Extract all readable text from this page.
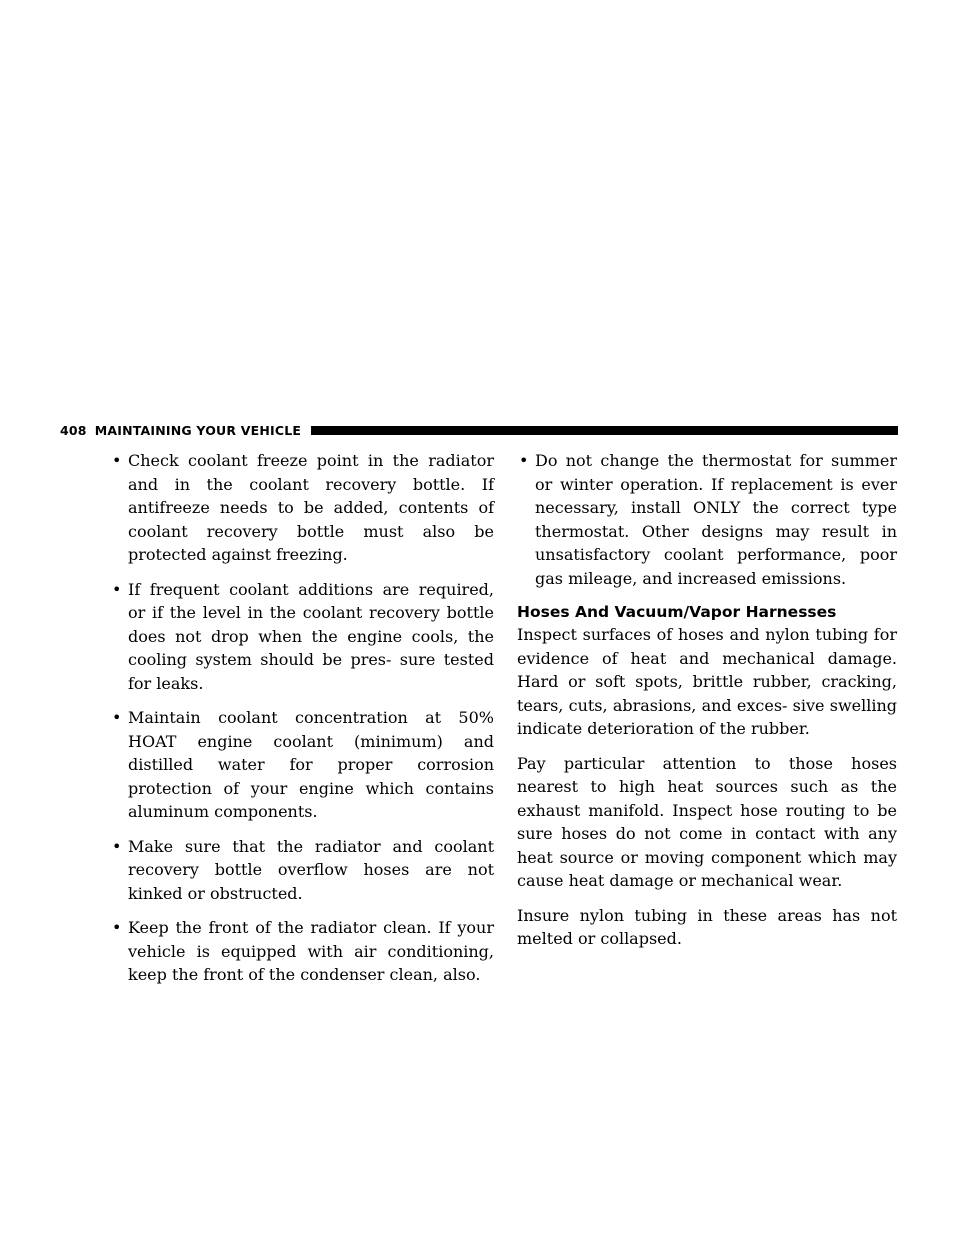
408 MAINTAINING YOUR VEHICLE
• Check coolant freeze point in the radiator and in the coolant recovery bottle. If antifreeze needs to be added, contents of coolant recovery bottle must also be protected against freezing.
• If frequent coolant additions are required, or if the level in the coolant recovery bottle does not drop when the engine cools, the cooling system should be pres- sure tested for leaks.
• Maintain coolant concentration at 50% HOAT engine coolant (minimum) and distilled water for proper corrosion protection of your engine which contains aluminum components.
• Make sure that the radiator and coolant recovery bottle overflow hoses are not kinked or obstructed.
• Keep the front of the radiator clean. If your vehicle is equipped with air conditioning, keep the front of the condenser clean, also.
• Do not change the thermostat for summer or winter operation. If replacement is ever necessary, install ONLY the correct type thermostat. Other designs may result in unsatisfactory coolant performance, poor gas mileage, and increased emissions.
Hoses And Vacuum/Vapor Harnesses

Inspect surfaces of hoses and nylon tubing for evidence of heat and mechanical damage. Hard or soft spots, brittle rubber, cracking, tears, cuts, abrasions, and exces- sive swelling indicate deterioration of the rubber.

Pay particular attention to those hoses nearest to high heat sources such as the exhaust manifold. Inspect hose routing to be sure hoses do not come in contact with any heat source or moving component which may cause heat damage or mechanical wear.

Insure nylon tubing in these areas has not melted or collapsed.
